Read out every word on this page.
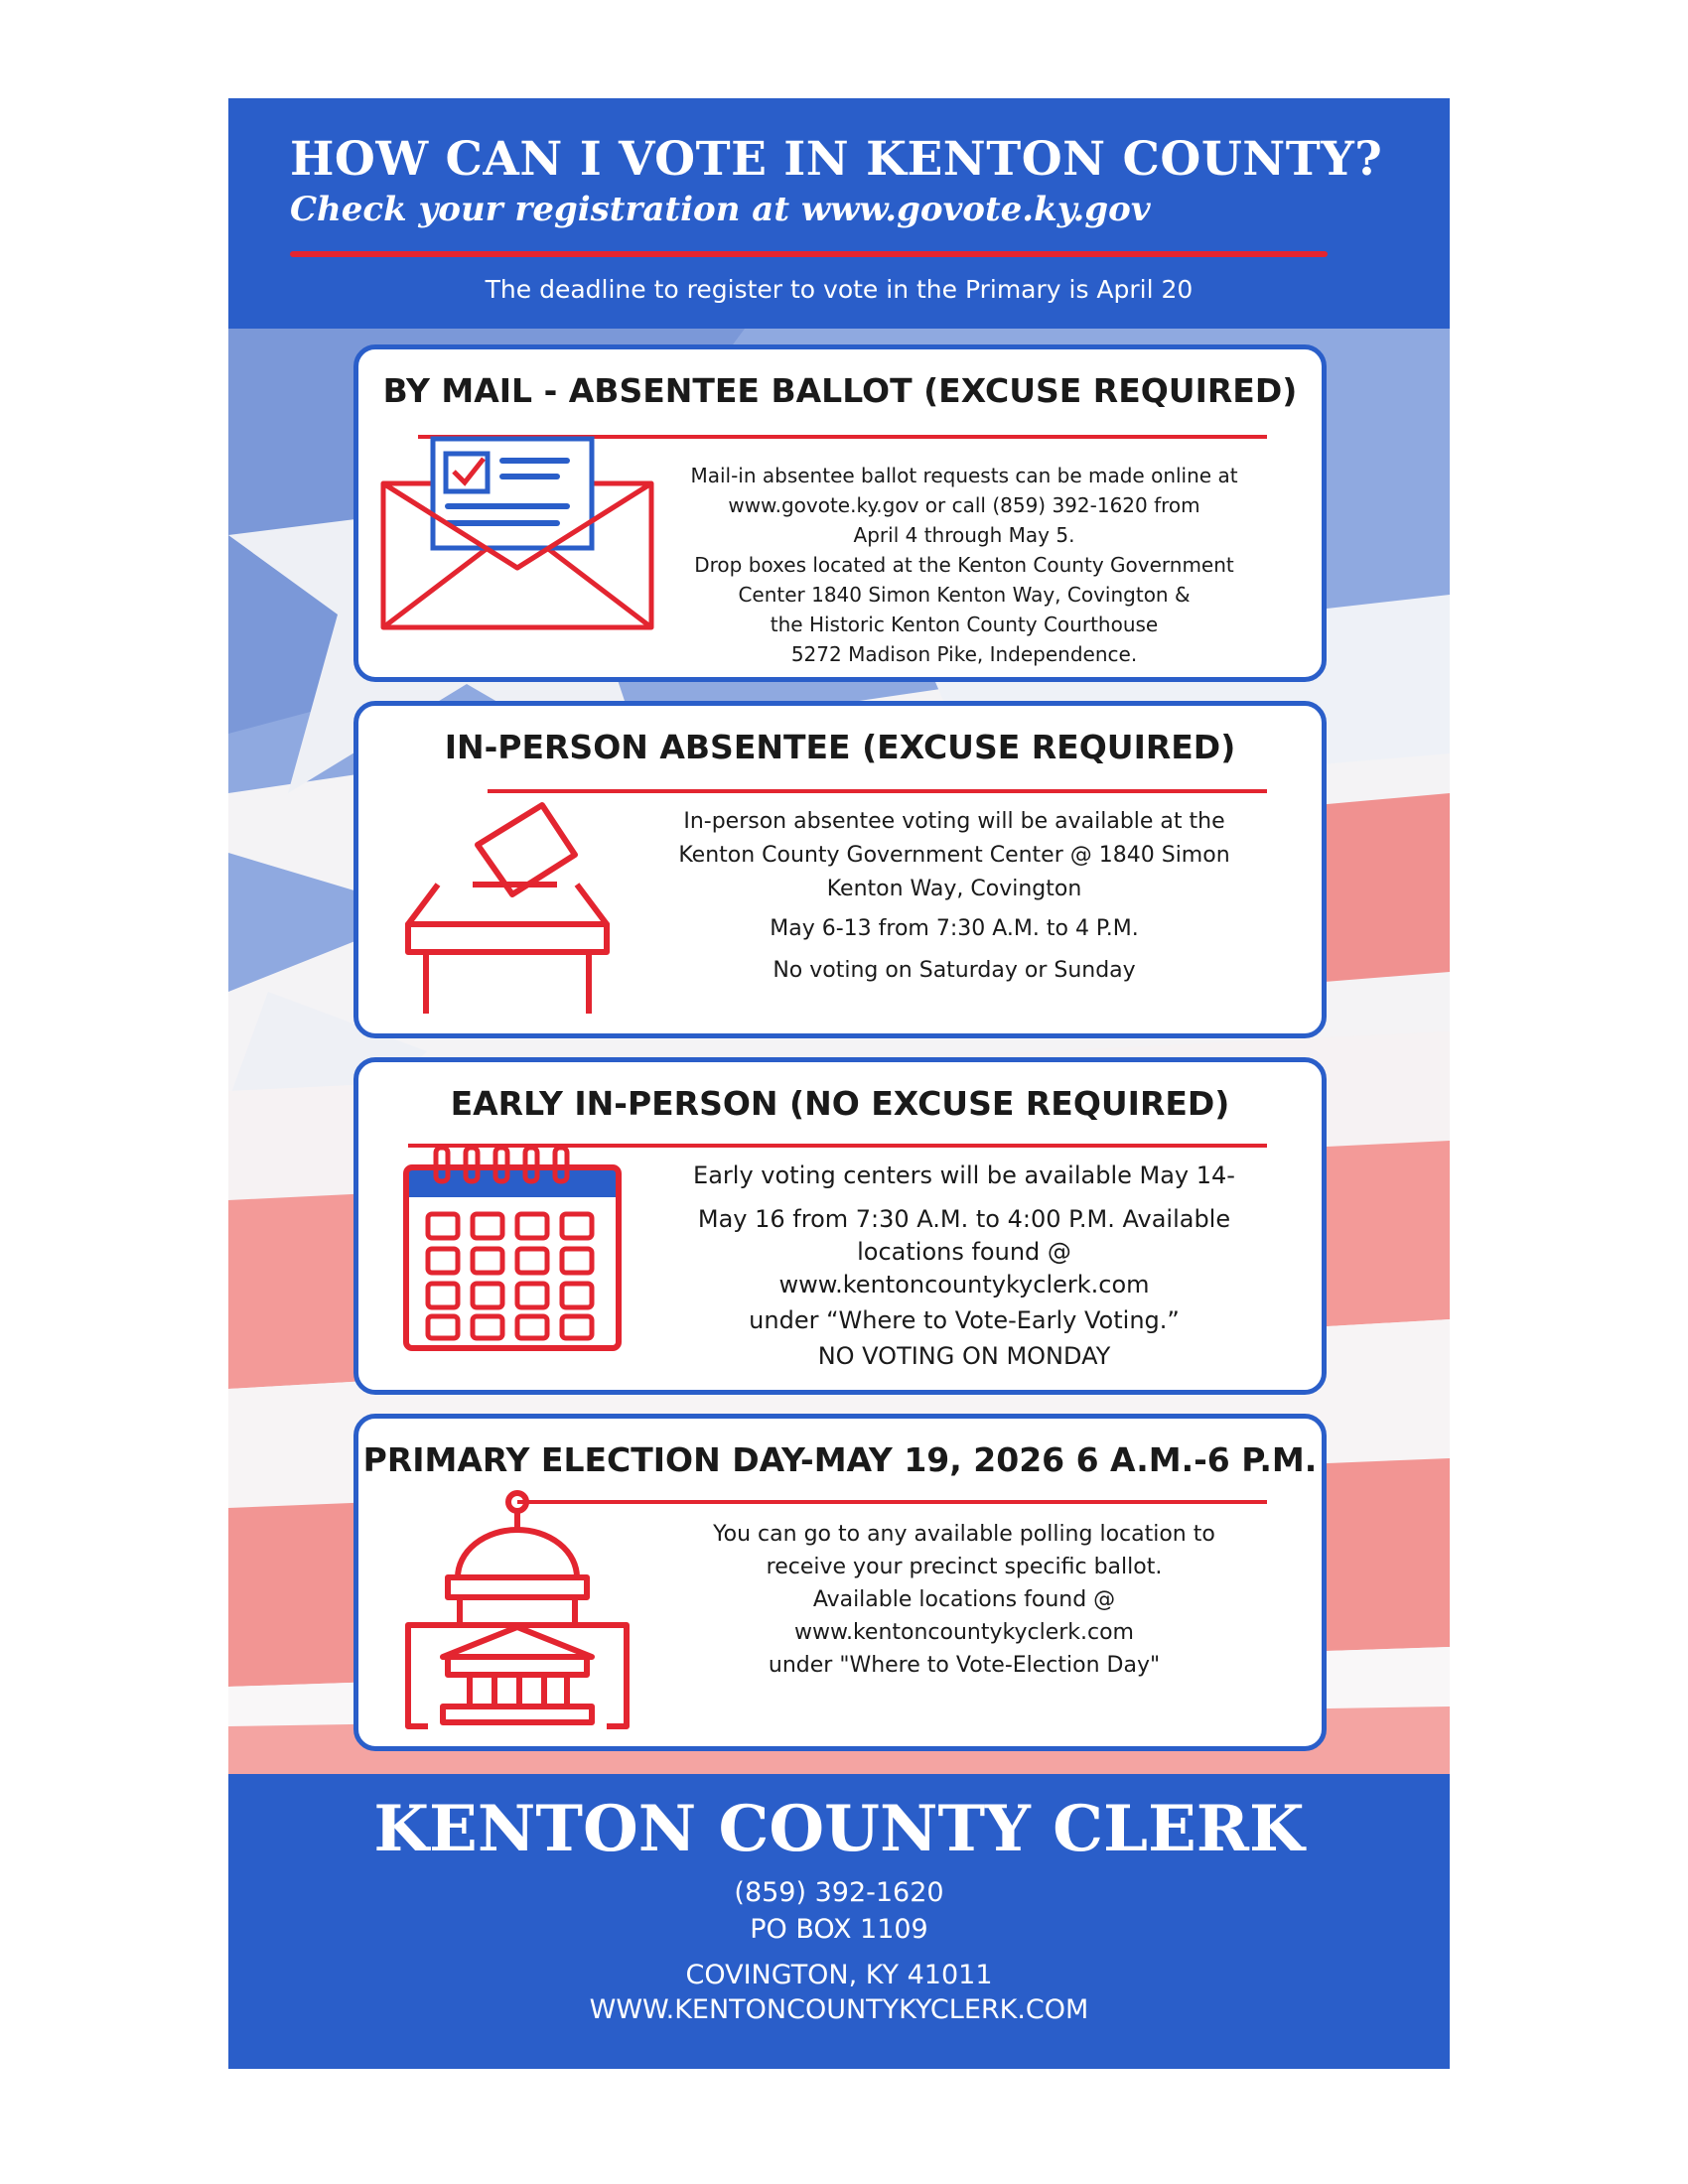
HOW CAN I VOTE IN KENTON COUNTY?

Check your registration at www.govote.ky.gov

The deadline to register to vote in the Primary is April 20

BY MAIL - ABSENTEE BALLOT (EXCUSE REQUIRED)

Mail-in absentee ballot requests can be made online at

www.govote.ky.gov or call (859) 392-1620 from

April 4 through May 5.

Drop boxes located at the Kenton County Government

Center 1840 Simon Kenton Way, Covington &

the Historic Kenton County Courthouse

5272 Madison Pike, Independence.

IN-PERSON ABSENTEE (EXCUSE REQUIRED)

In-person absentee voting will be available at the

Kenton County Government Center @ 1840 Simon

Kenton Way, Covington

May 6-13 from 7:30 A.M. to 4 P.M.

No voting on Saturday or Sunday

EARLY IN-PERSON (NO EXCUSE REQUIRED)

Early voting centers will be available May 14-

May 16 from 7:30 A.M. to 4:00 P.M. Available

locations found @

www.kentoncountykyclerk.com

under “Where to Vote-Early Voting.”

NO VOTING ON MONDAY

PRIMARY ELECTION DAY-MAY 19, 2026 6 A.M.-6 P.M.

You can go to any available polling location to

receive your precinct specific ballot.

Available locations found @

www.kentoncountykyclerk.com

under "Where to Vote-Election Day"

KENTON COUNTY CLERK

(859) 392-1620

PO BOX 1109

COVINGTON, KY 41011

WWW.KENTONCOUNTYKYCLERK.COM
